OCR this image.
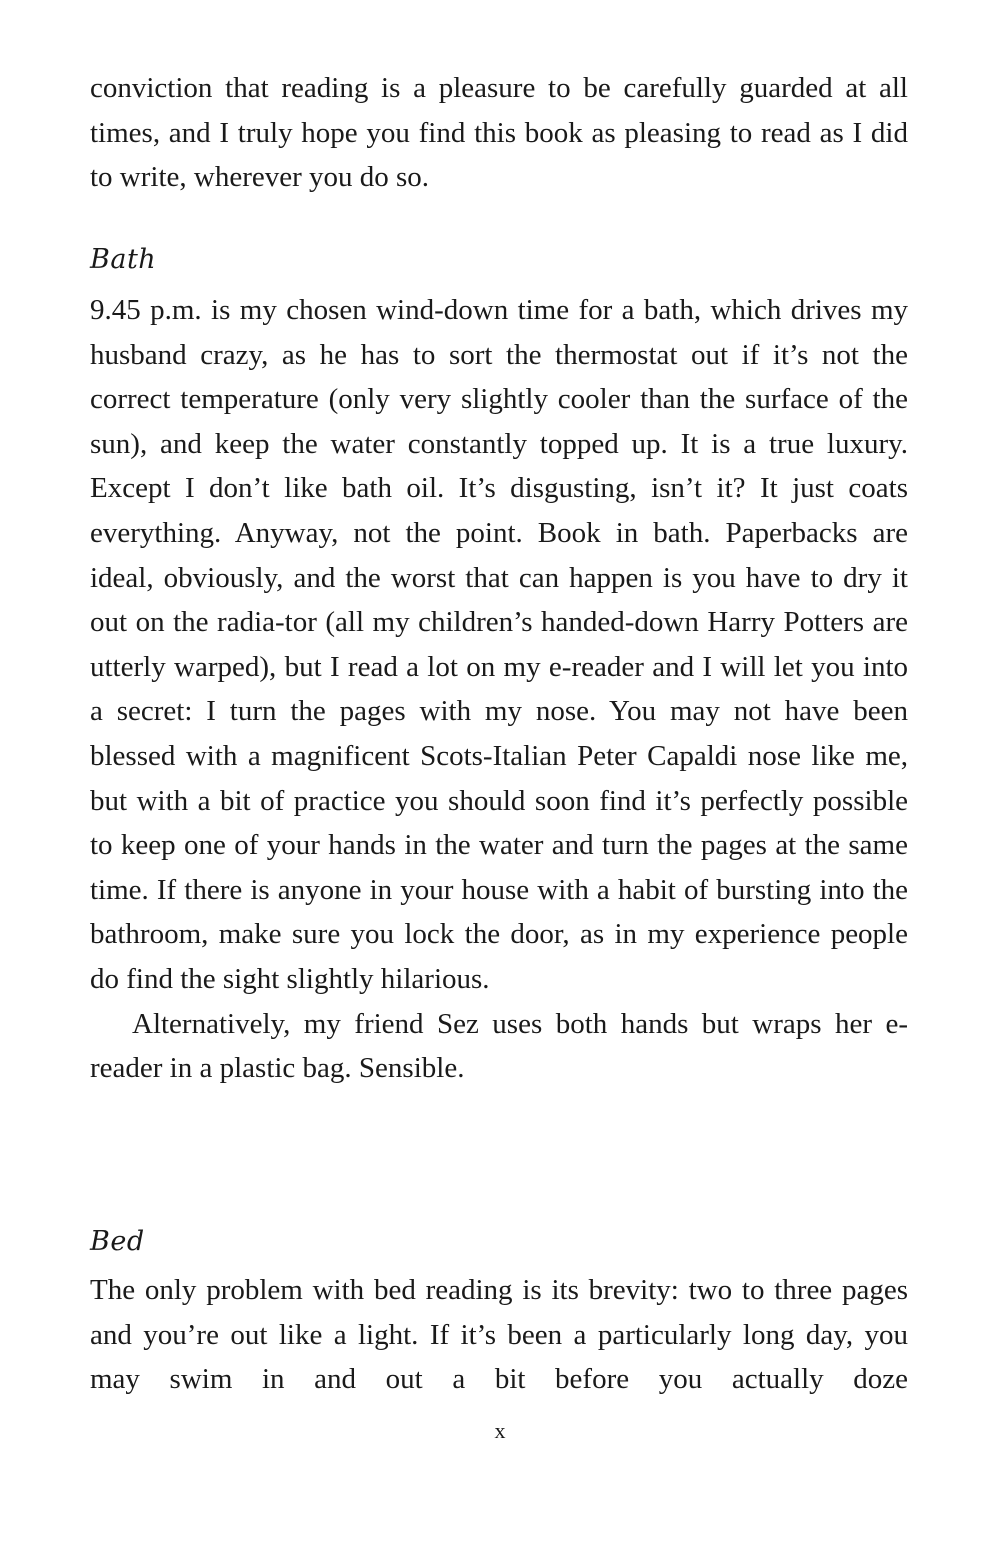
conviction that reading is a pleasure to be carefully guarded at all times, and I truly hope you find this book as pleasing to read as I did to write, wherever you do so.

Bath

9.45 p.m. is my chosen wind-down time for a bath, which drives my husband crazy, as he has to sort the thermostat out if it’s not the correct temperature (only very slightly cooler than the surface of the sun), and keep the water constantly topped up. It is a true luxury. Except I don’t like bath oil. It’s disgusting, isn’t it? It just coats everything. Anyway, not the point. Book in bath. Paperbacks are ideal, obviously, and the worst that can happen is you have to dry it out on the radia-tor (all my children’s handed-down Harry Potters are utterly warped), but I read a lot on my e-reader and I will let you into a secret: I turn the pages with my nose. You may not have been blessed with a magnificent Scots-Italian Peter Capaldi nose like me, but with a bit of practice you should soon find it’s perfectly possible to keep one of your hands in the water and turn the pages at the same time. If there is anyone in your house with a habit of bursting into the bathroom, make sure you lock the door, as in my experience people do find the sight slightly hilarious.

Alternatively, my friend Sez uses both hands but wraps her e-reader in a plastic bag. Sensible.

Bed

The only problem with bed reading is its brevity: two to three pages and you’re out like a light. If it’s been a particularly long day, you may swim in and out a bit before you actually doze

x
